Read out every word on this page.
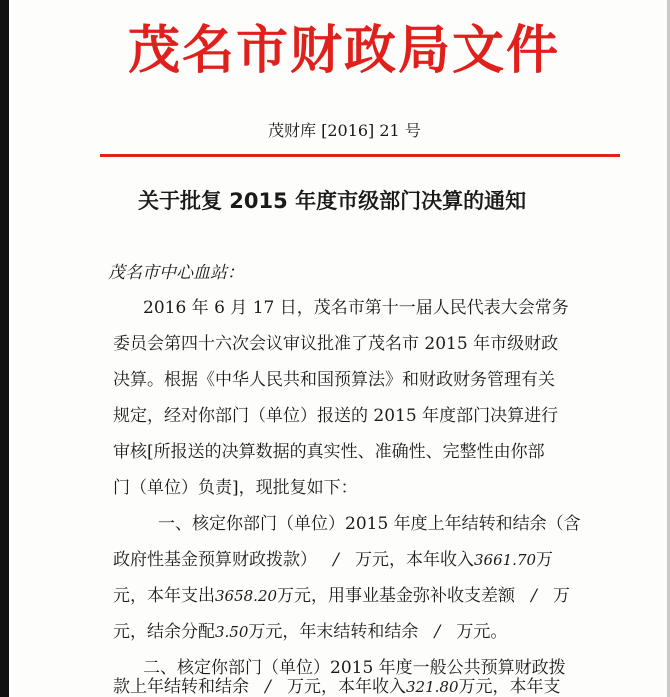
茂名市财政局文件
茂财库 [2016] 21 号
关于批复 2015 年度市级部门决算的通知
茂名市中心血站：
2016 年 6 月 17 日，茂名市第十一届人民代表大会常务
委员会第四十六次会议审议批准了茂名市 2015 年市级财政
决算。根据《中华人民共和国预算法》和财政财务管理有关
规定，经对你部门（单位）报送的 2015 年度部门决算进行
审核[所报送的决算数据的真实性、准确性、完整性由你部
门（单位）负责]，现批复如下：
一、核定你部门（单位）2015 年度上年结转和结余（含
政府性基金预算财政拨款） / 万元，本年收入3661.70万
元，本年支出3658.20万元，用事业基金弥补收支差额 / 万
元，结余分配3.50万元，年末结转和结余 / 万元。
二、核定你部门（单位）2015 年度一般公共预算财政拨
款上年结转和结余 / 万元，本年收入321.80万元，本年支
